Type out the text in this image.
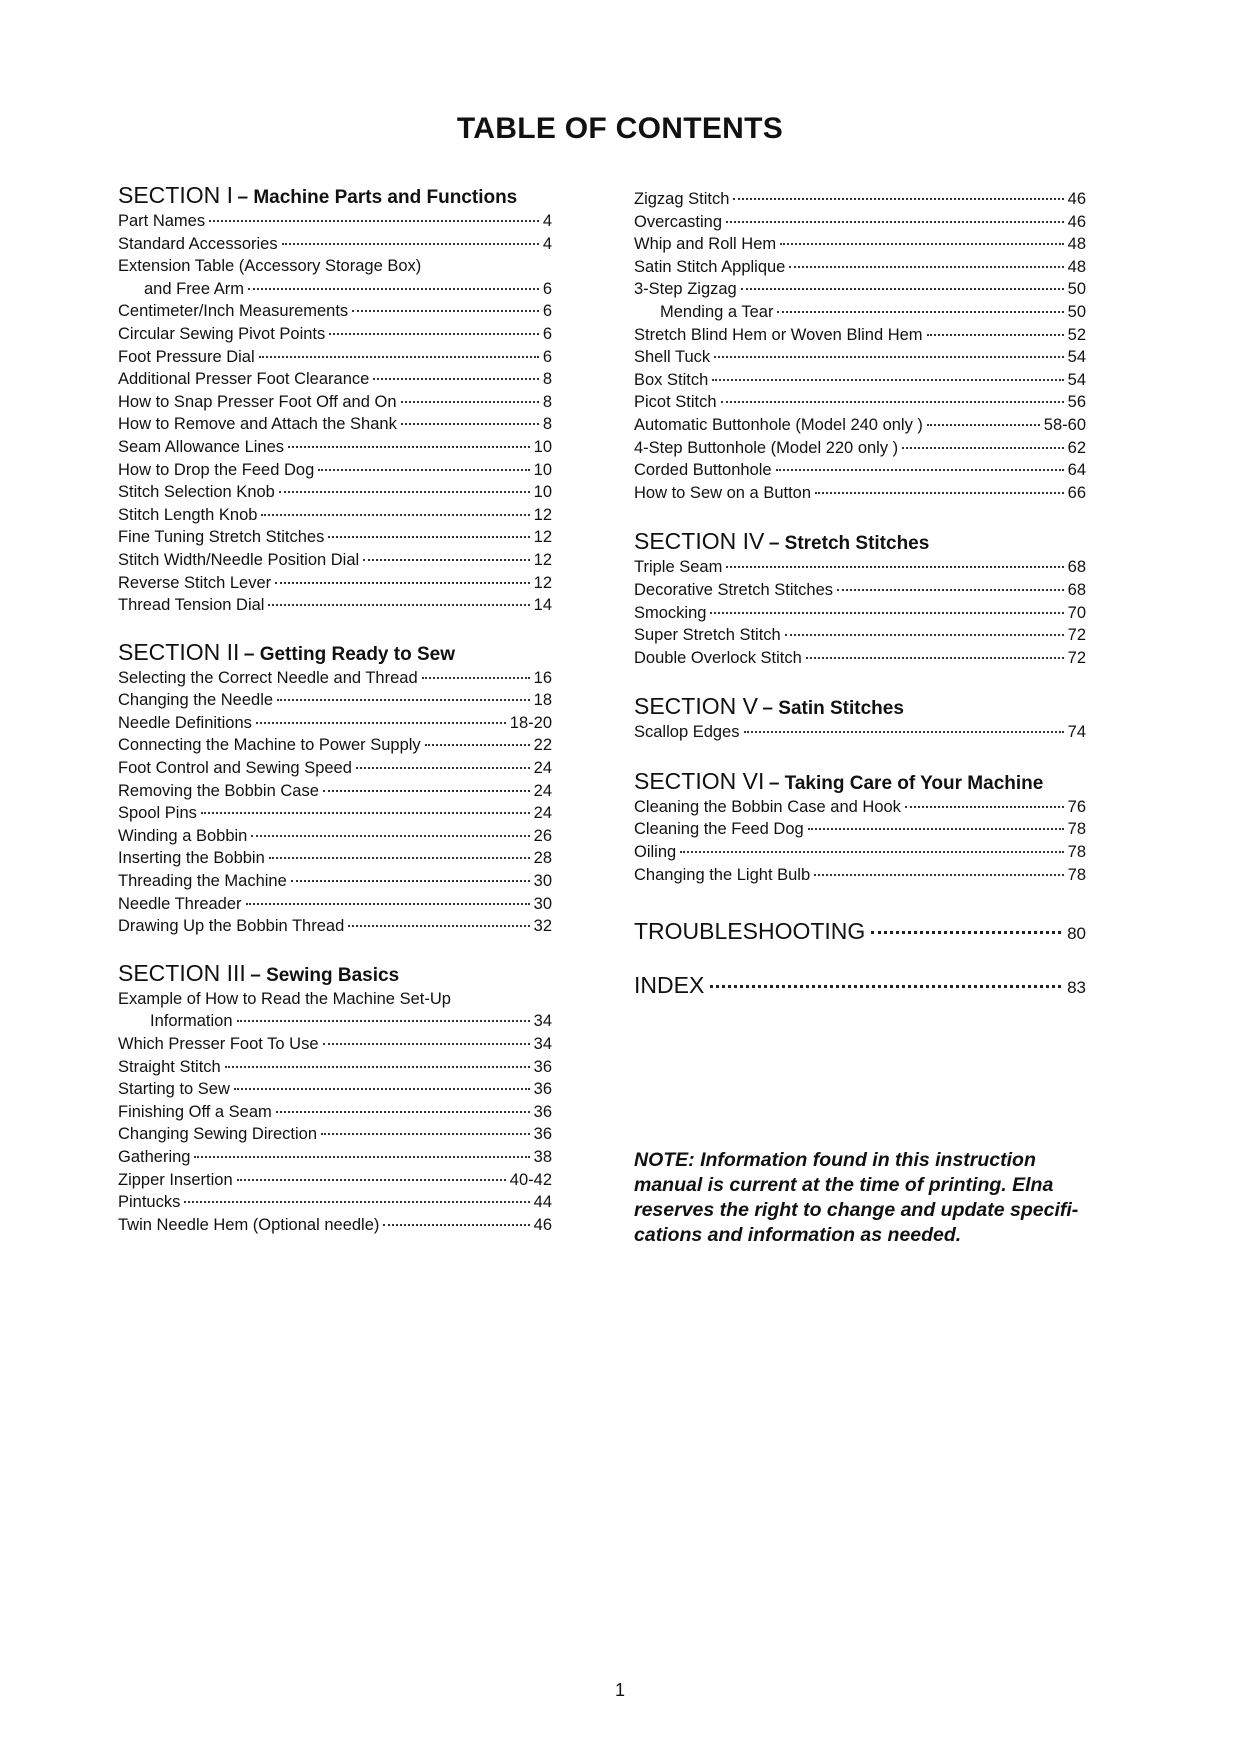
TABLE OF CONTENTS
SECTION I – Machine Parts and Functions
Part Names	4
Standard Accessories	4
Extension Table (Accessory Storage Box)
and Free Arm	6
Centimeter/Inch Measurements	6
Circular Sewing Pivot Points	6
Foot Pressure Dial	6
Additional Presser Foot Clearance	8
How to Snap Presser Foot Off and On	8
How to Remove and Attach the Shank	8
Seam Allowance Lines	10
How to Drop the Feed Dog	10
Stitch Selection Knob	10
Stitch Length Knob	12
Fine Tuning Stretch Stitches	12
Stitch Width/Needle Position Dial	12
Reverse Stitch Lever	12
Thread Tension Dial	14
SECTION II – Getting Ready to Sew
Selecting the Correct Needle and Thread	16
Changing the Needle	18
Needle Definitions	18-20
Connecting the Machine to Power Supply	22
Foot Control and Sewing Speed	24
Removing the Bobbin Case	24
Spool Pins	24
Winding a Bobbin	26
Inserting the Bobbin	28
Threading the Machine	30
Needle Threader	30
Drawing Up the Bobbin Thread	32
SECTION III – Sewing Basics
Example of How to Read the Machine Set-Up
Information	34
Which Presser Foot To Use	34
Straight Stitch	36
Starting to Sew	36
Finishing Off a Seam	36
Changing Sewing Direction	36
Gathering	38
Zipper Insertion	40-42
Pintucks	44
Twin Needle Hem (Optional needle)	46
Zigzag Stitch	46
Overcasting	46
Whip and Roll Hem	48
Satin Stitch Applique	48
3-Step Zigzag	50
Mending a Tear	50
Stretch Blind Hem or Woven Blind Hem	52
Shell Tuck	54
Box Stitch	54
Picot Stitch	56
Automatic Buttonhole (Model 240 only )	58-60
4-Step Buttonhole (Model 220 only )	62
Corded Buttonhole	64
How to Sew on a Button	66
SECTION IV – Stretch Stitches
Triple Seam	68
Decorative Stretch Stitches	68
Smocking	70
Super Stretch Stitch	72
Double Overlock Stitch	72
SECTION V – Satin Stitches
Scallop Edges	74
SECTION VI – Taking Care of Your Machine
Cleaning the Bobbin Case and Hook	76
Cleaning the Feed Dog	78
Oiling	78
Changing the Light Bulb	78
TROUBLESHOOTING	80
INDEX	83
NOTE: Information found in this instruction manual is current at the time of printing. Elna reserves the right to change and update specifi- cations and information as needed.
1
